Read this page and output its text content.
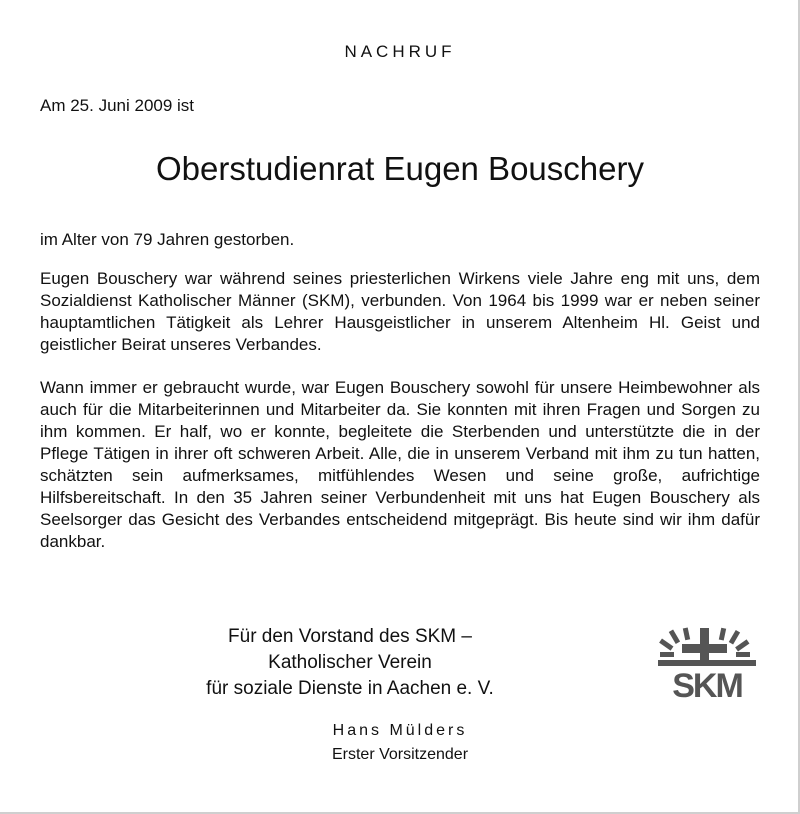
NACHRUF
Am 25. Juni 2009 ist
Oberstudienrat Eugen Bouschery
im Alter von 79 Jahren gestorben.

Eugen Bouschery war während seines priesterlichen Wirkens viele Jahre eng mit uns, dem Sozialdienst Katholischer Männer (SKM), verbunden. Von 1964 bis 1999 war er neben seiner hauptamtlichen Tätigkeit als Lehrer Hausgeistlicher in unserem Altenheim Hl. Geist und geistlicher Beirat unseres Verbandes.

Wann immer er gebraucht wurde, war Eugen Bouschery sowohl für unsere Heimbewohner als auch für die Mitarbeiterinnen und Mitarbeiter da. Sie konnten mit ihren Fragen und Sorgen zu ihm kommen. Er half, wo er konnte, begleitete die Sterbenden und unterstützte die in der Pflege Tätigen in ihrer oft schweren Arbeit. Alle, die in unserem Verband mit ihm zu tun hatten, schätzten sein aufmerksames, mitfühlendes Wesen und seine große, aufrichtige Hilfsbereitschaft. In den 35 Jahren seiner Verbundenheit mit uns hat Eugen Bouschery als Seelsorger das Gesicht des Verbandes entscheidend mitgeprägt. Bis heute sind wir ihm dafür dankbar.

Für den Vorstand des SKM –
Katholischer Verein
für soziale Dienste in Aachen e. V.
Hans Mülders
Erster Vorsitzender
SKM
